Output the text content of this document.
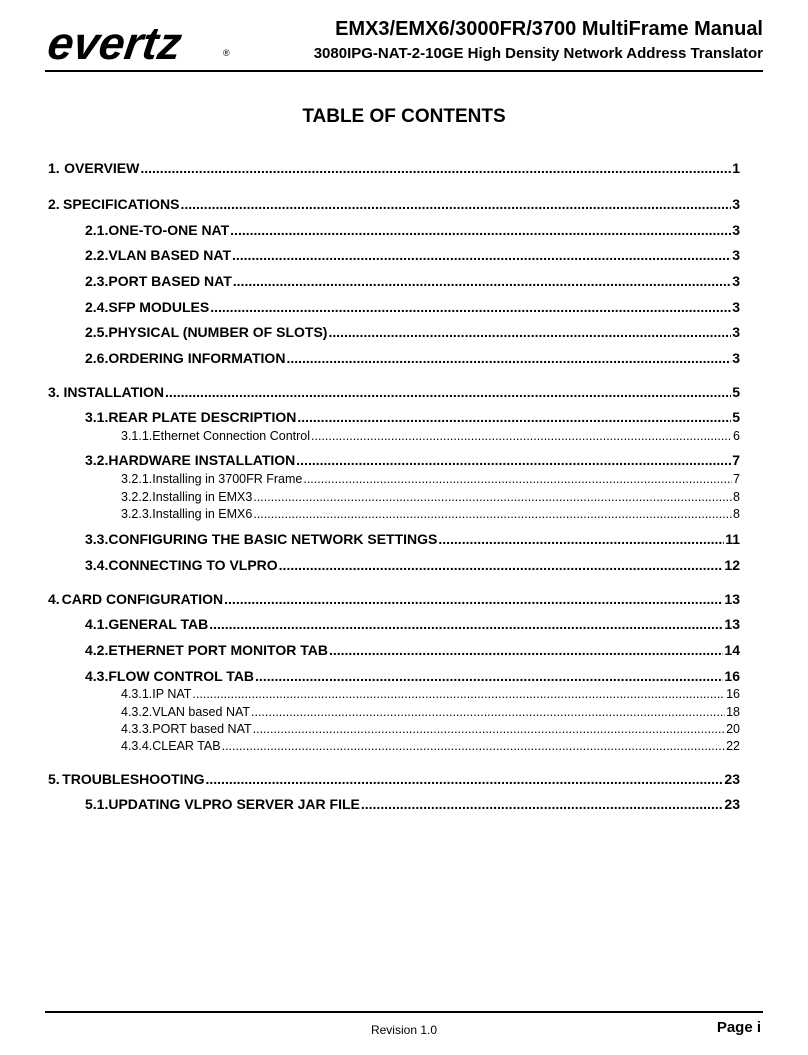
evertz	®
EMX3/EMX6/3000FR/3700 MultiFrame Manual
3080IPG-NAT-2-10GE High Density Network Address Translator
TABLE OF CONTENTS
1. OVERVIEW .....	1
2. SPECIFICATIONS .....	3
2.1. ONE-TO-ONE NAT .....	3
2.2. VLAN BASED NAT .....	3
2.3. PORT BASED NAT .....	3
2.4. SFP MODULES .....	3
2.5. PHYSICAL (NUMBER OF SLOTS) .....	3
2.6. ORDERING INFORMATION .....	3
3. INSTALLATION .....	5
3.1. REAR PLATE DESCRIPTION .....	5
3.1.1. Ethernet Connection Control .....	6
3.2. HARDWARE INSTALLATION .....	7
3.2.1. Installing in 3700FR Frame .....	7
3.2.2. Installing in EMX3 .....	8
3.2.3. Installing in EMX6 .....	8
3.3. CONFIGURING THE BASIC NETWORK SETTINGS .....	11
3.4. CONNECTING TO VLPRO .....	12
4. CARD CONFIGURATION .....	13
4.1. GENERAL TAB .....	13
4.2. ETHERNET PORT MONITOR TAB .....	14
4.3. FLOW CONTROL TAB .....	16
4.3.1. IP NAT .....	16
4.3.2. VLAN based NAT .....	18
4.3.3. PORT based NAT .....	20
4.3.4. CLEAR TAB .....	22
5. TROUBLESHOOTING .....	23
5.1. UPDATING VLPRO SERVER JAR FILE .....	23
Revision 1.0	Page i
